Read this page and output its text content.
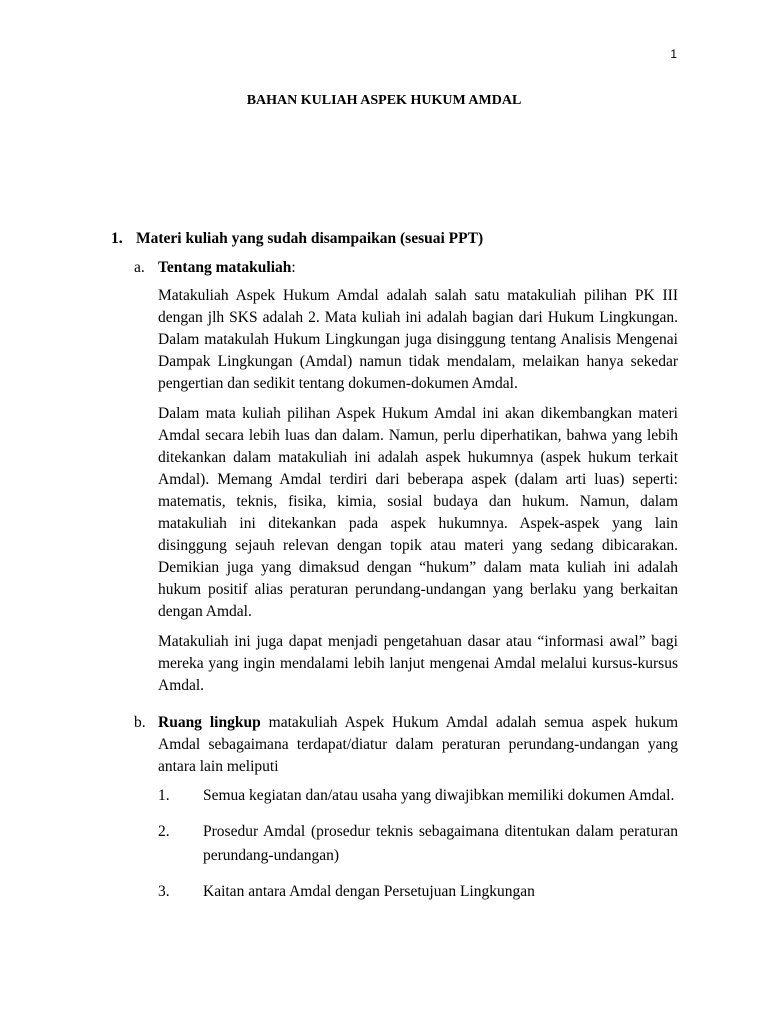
1
BAHAN KULIAH ASPEK HUKUM AMDAL
1. Materi kuliah yang sudah disampaikan (sesuai PPT)
a. Tentang matakuliah:

Matakuliah Aspek Hukum Amdal adalah salah satu matakuliah pilihan PK III dengan jlh SKS adalah 2. Mata kuliah ini adalah bagian dari Hukum Lingkungan. Dalam matakulah Hukum Lingkungan juga disinggung tentang Analisis Mengenai Dampak Lingkungan (Amdal) namun tidak mendalam, melaikan hanya sekedar pengertian dan sedikit tentang dokumen-dokumen Amdal.

Dalam mata kuliah pilihan Aspek Hukum Amdal ini akan dikembangkan materi Amdal secara lebih luas dan dalam. Namun, perlu diperhatikan, bahwa yang lebih ditekankan dalam matakuliah ini adalah aspek hukumnya (aspek hukum terkait Amdal). Memang Amdal terdiri dari beberapa aspek (dalam arti luas) seperti: matematis, teknis, fisika, kimia, sosial budaya dan hukum. Namun, dalam matakuliah ini ditekankan pada aspek hukumnya. Aspek-aspek yang lain disinggung sejauh relevan dengan topik atau materi yang sedang dibicarakan. Demikian juga yang dimaksud dengan “hukum” dalam mata kuliah ini adalah hukum positif alias peraturan perundang-undangan yang berlaku yang berkaitan dengan Amdal.

Matakuliah ini juga dapat menjadi pengetahuan dasar atau “informasi awal” bagi mereka yang ingin mendalami lebih lanjut mengenai Amdal melalui kursus-kursus Amdal.

b. Ruang lingkup matakuliah Aspek Hukum Amdal adalah semua aspek hukum Amdal sebagaimana terdapat/diatur dalam peraturan perundang-undangan yang antara lain meliputi

1.	Semua kegiatan dan/atau usaha yang diwajibkan memiliki dokumen Amdal.
2.	Prosedur Amdal (prosedur teknis sebagaimana ditentukan dalam peraturan perundang-undangan)
3.	Kaitan antara Amdal dengan Persetujuan Lingkungan
